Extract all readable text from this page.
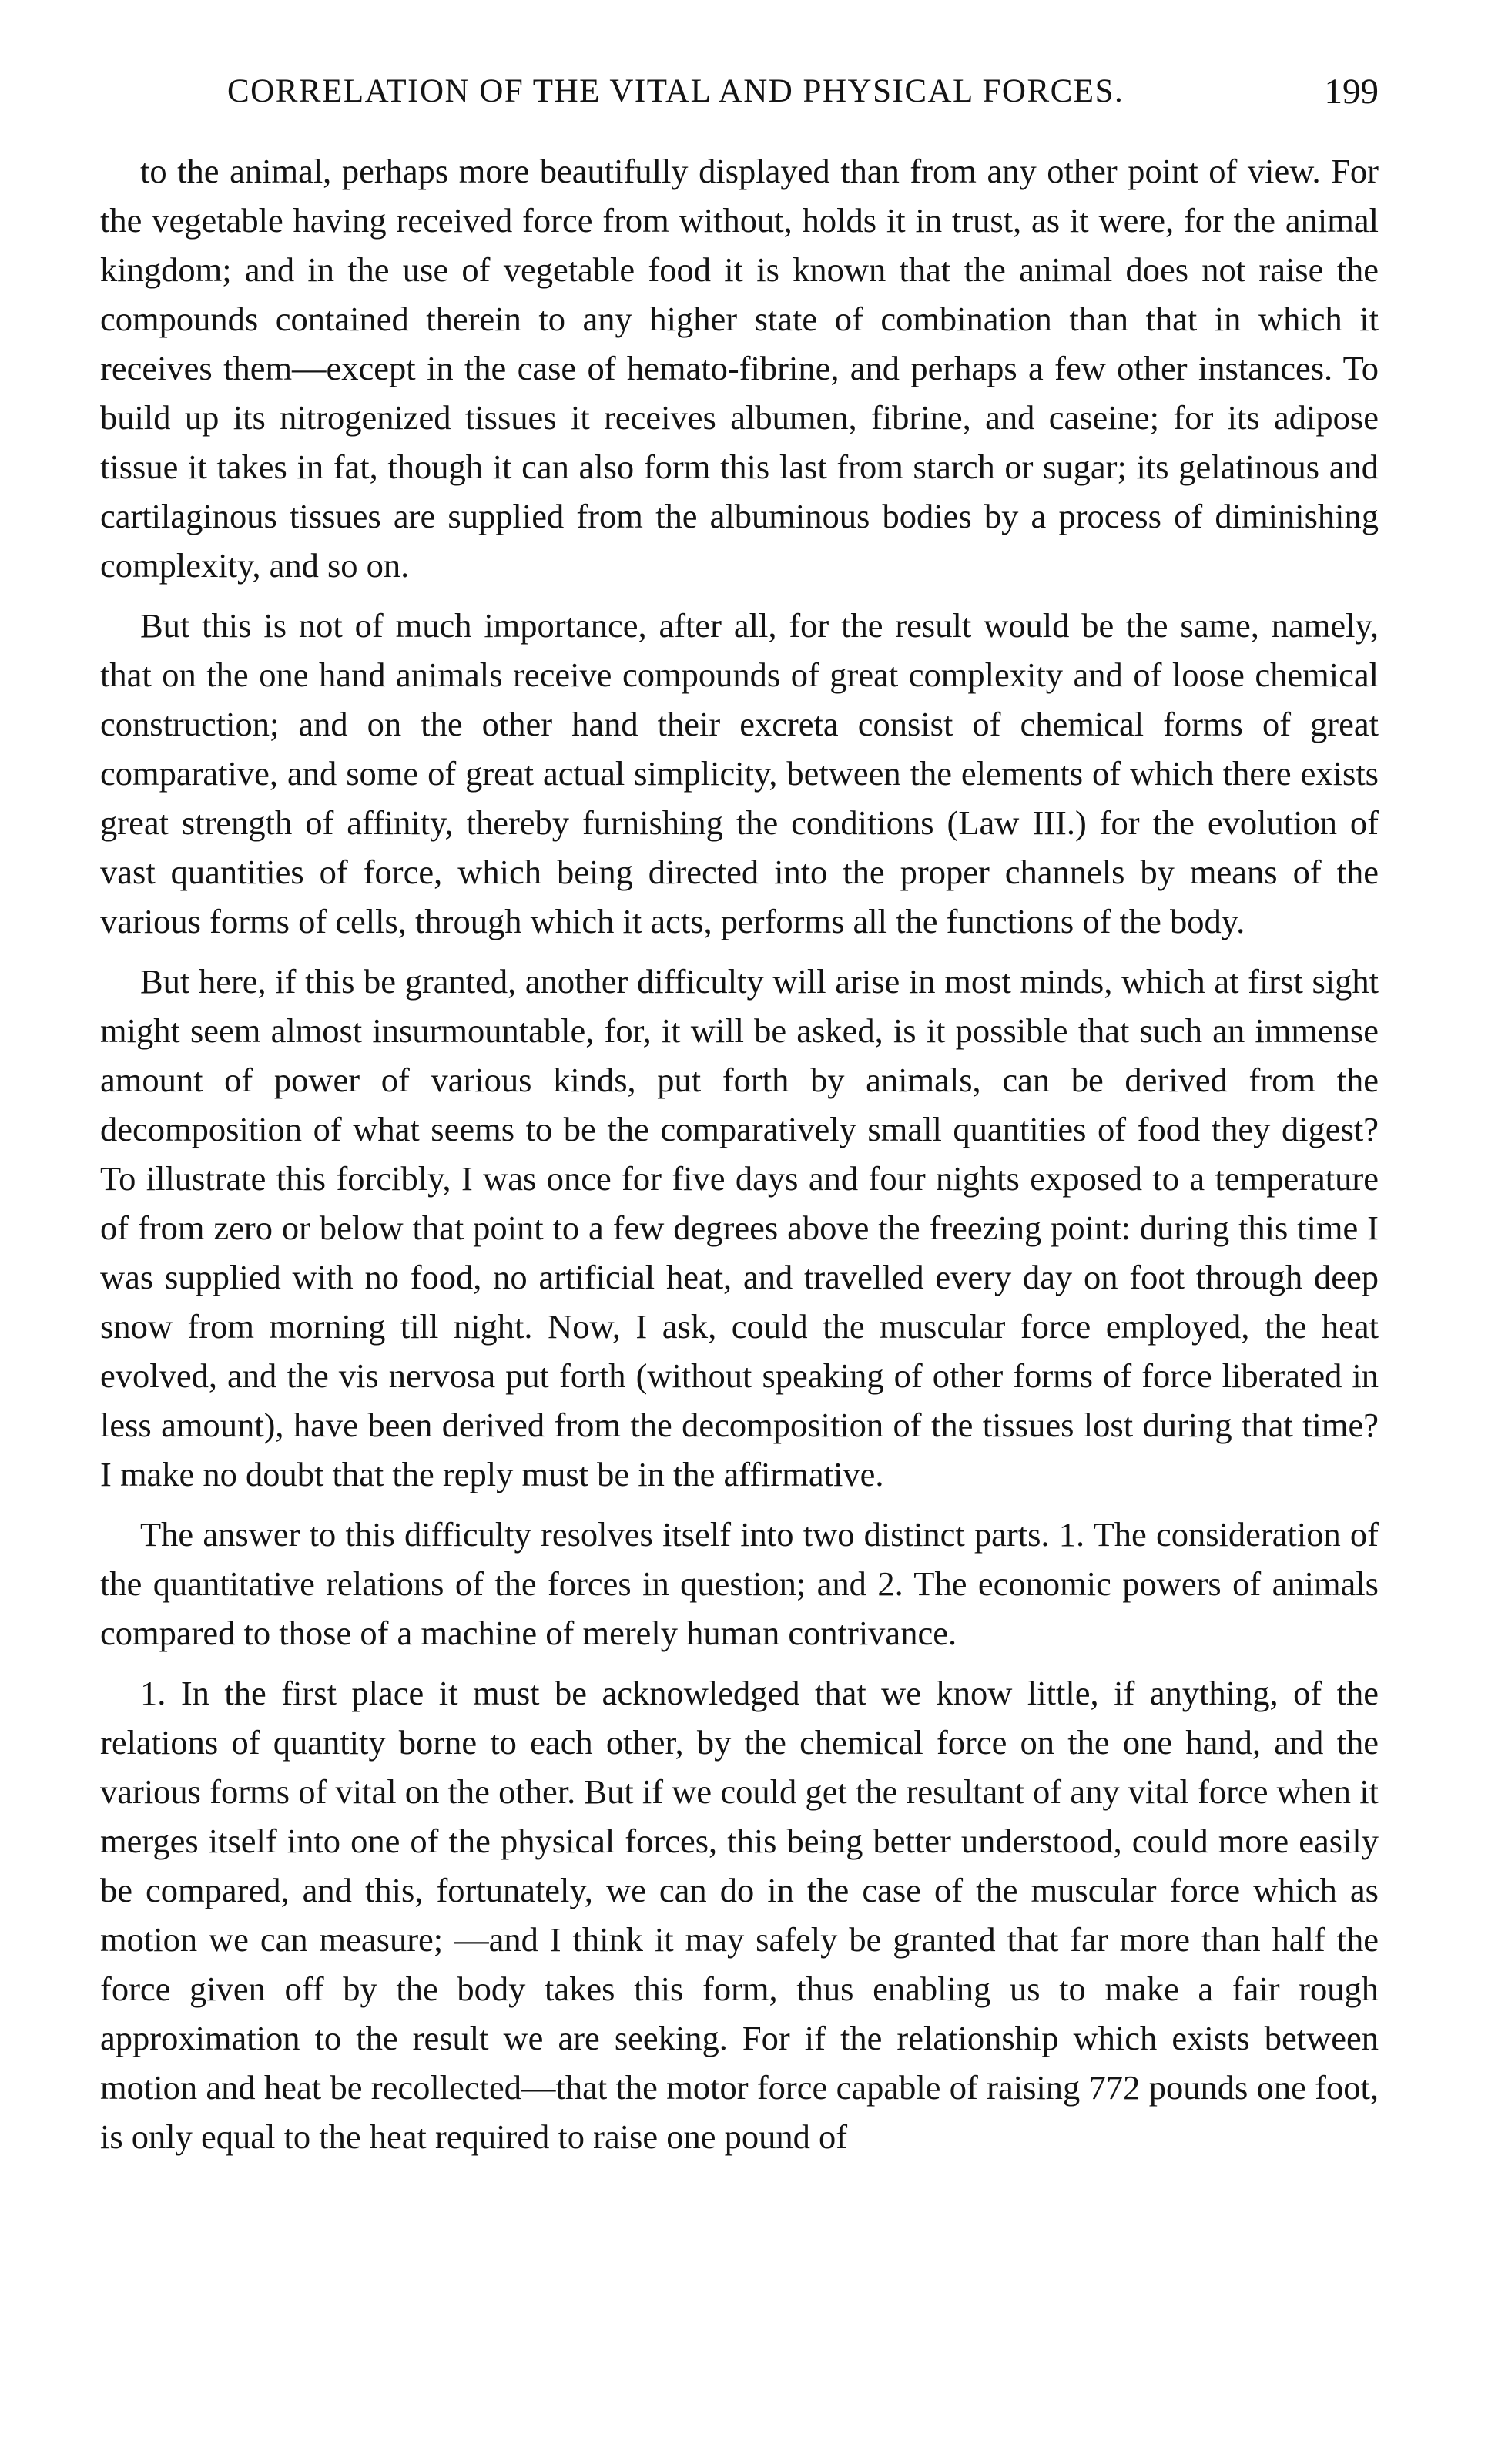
CORRELATION OF THE VITAL AND PHYSICAL FORCES.	199

to the animal, perhaps more beautifully displayed than from any other point of view. For the vegetable having received force from without, holds it in trust, as it were, for the animal kingdom; and in the use of vegetable food it is known that the animal does not raise the compounds contained therein to any higher state of combination than that in which it receives them—except in the case of hemato-fibrine, and perhaps a few other instances. To build up its nitrogenized tissues it receives albumen, fibrine, and caseine; for its adipose tissue it takes in fat, though it can also form this last from starch or sugar; its gelatinous and cartilaginous tissues are supplied from the albuminous bodies by a process of diminishing complexity, and so on.

But this is not of much importance, after all, for the result would be the same, namely, that on the one hand animals receive compounds of great complexity and of loose chemical construction; and on the other hand their excreta consist of chemical forms of great comparative, and some of great actual simplicity, between the elements of which there exists great strength of affinity, thereby furnishing the conditions (Law III.) for the evolution of vast quantities of force, which being directed into the proper channels by means of the various forms of cells, through which it acts, performs all the functions of the body.

But here, if this be granted, another difficulty will arise in most minds, which at first sight might seem almost insurmountable, for, it will be asked, is it possible that such an immense amount of power of various kinds, put forth by animals, can be derived from the decomposition of what seems to be the comparatively small quantities of food they digest? To illustrate this forcibly, I was once for five days and four nights exposed to a temperature of from zero or below that point to a few degrees above the freezing point: during this time I was supplied with no food, no artificial heat, and travelled every day on foot through deep snow from morning till night. Now, I ask, could the muscular force employed, the heat evolved, and the vis nervosa put forth (without speaking of other forms of force liberated in less amount), have been derived from the decomposition of the tissues lost during that time? I make no doubt that the reply must be in the affirmative.

The answer to this difficulty resolves itself into two distinct parts. 1. The consideration of the quantitative relations of the forces in question; and 2. The economic powers of animals compared to those of a machine of merely human contrivance.

1. In the first place it must be acknowledged that we know little, if anything, of the relations of quantity borne to each other, by the chemical force on the one hand, and the various forms of vital on the other. But if we could get the resultant of any vital force when it merges itself into one of the physical forces, this being better understood, could more easily be compared, and this, fortunately, we can do in the case of the muscular force which as motion we can measure; —and I think it may safely be granted that far more than half the force given off by the body takes this form, thus enabling us to make a fair rough approximation to the result we are seeking. For if the relationship which exists between motion and heat be recollected—that the motor force capable of raising 772 pounds one foot, is only equal to the heat required to raise one pound of
